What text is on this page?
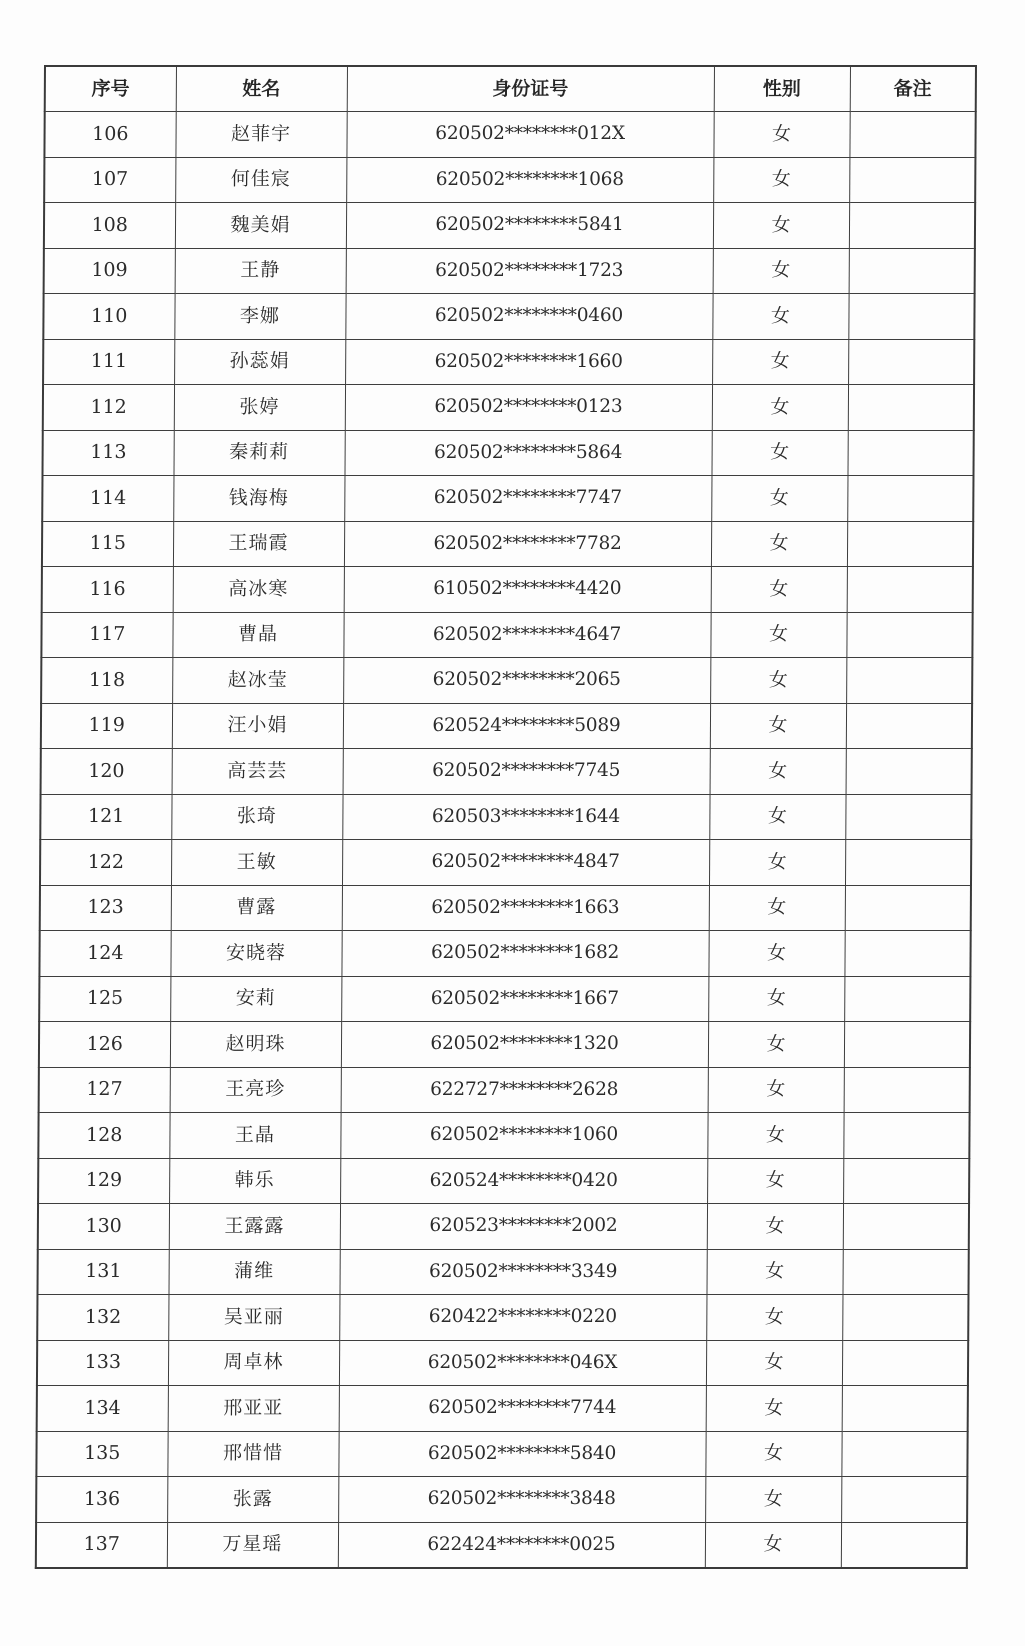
序号	姓名	身份证号	性别	备注
106	赵菲宇	620502********012X	女	
107	何佳宸	620502********1068	女	
108	魏美娟	620502********5841	女	
109	王静	620502********1723	女	
110	李娜	620502********0460	女	
111	孙蕊娟	620502********1660	女	
112	张婷	620502********0123	女	
113	秦莉莉	620502********5864	女	
114	钱海梅	620502********7747	女	
115	王瑞霞	620502********7782	女	
116	高冰寒	610502********4420	女	
117	曹晶	620502********4647	女	
118	赵冰莹	620502********2065	女	
119	汪小娟	620524********5089	女	
120	高芸芸	620502********7745	女	
121	张琦	620503********1644	女	
122	王敏	620502********4847	女	
123	曹露	620502********1663	女	
124	安晓蓉	620502********1682	女	
125	安莉	620502********1667	女	
126	赵明珠	620502********1320	女	
127	王亮珍	622727********2628	女	
128	王晶	620502********1060	女	
129	韩乐	620524********0420	女	
130	王露露	620523********2002	女	
131	蒲维	620502********3349	女	
132	吴亚丽	620422********0220	女	
133	周卓林	620502********046X	女	
134	邢亚亚	620502********7744	女	
135	邢惜惜	620502********5840	女	
136	张露	620502********3848	女	
137	万星瑶	622424********0025	女	
